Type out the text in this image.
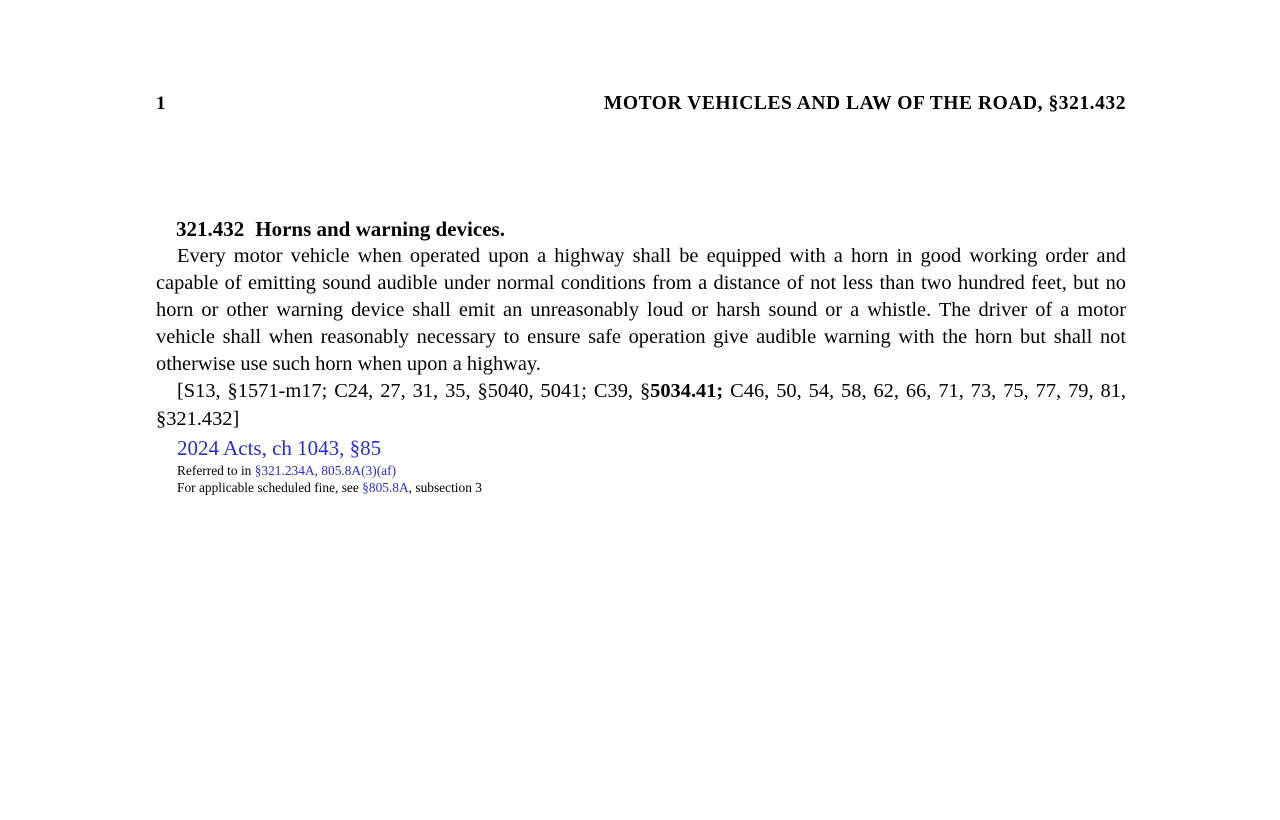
1	MOTOR VEHICLES AND LAW OF THE ROAD, §321.432
321.432 Horns and warning devices.

Every motor vehicle when operated upon a highway shall be equipped with a horn in good working order and capable of emitting sound audible under normal conditions from a distance of not less than two hundred feet, but no horn or other warning device shall emit an unreasonably loud or harsh sound or a whistle. The driver of a motor vehicle shall when reasonably necessary to ensure safe operation give audible warning with the horn but shall not otherwise use such horn when upon a highway.

[S13, §1571-m17; C24, 27, 31, 35, §5040, 5041; C39, §5034.41; C46, 50, 54, 58, 62, 66, 71, 73, 75, 77, 79, 81, §321.432]

2024 Acts, ch 1043, §85

Referred to in §321.234A, 805.8A(3)(af)

For applicable scheduled fine, see §805.8A, subsection 3
